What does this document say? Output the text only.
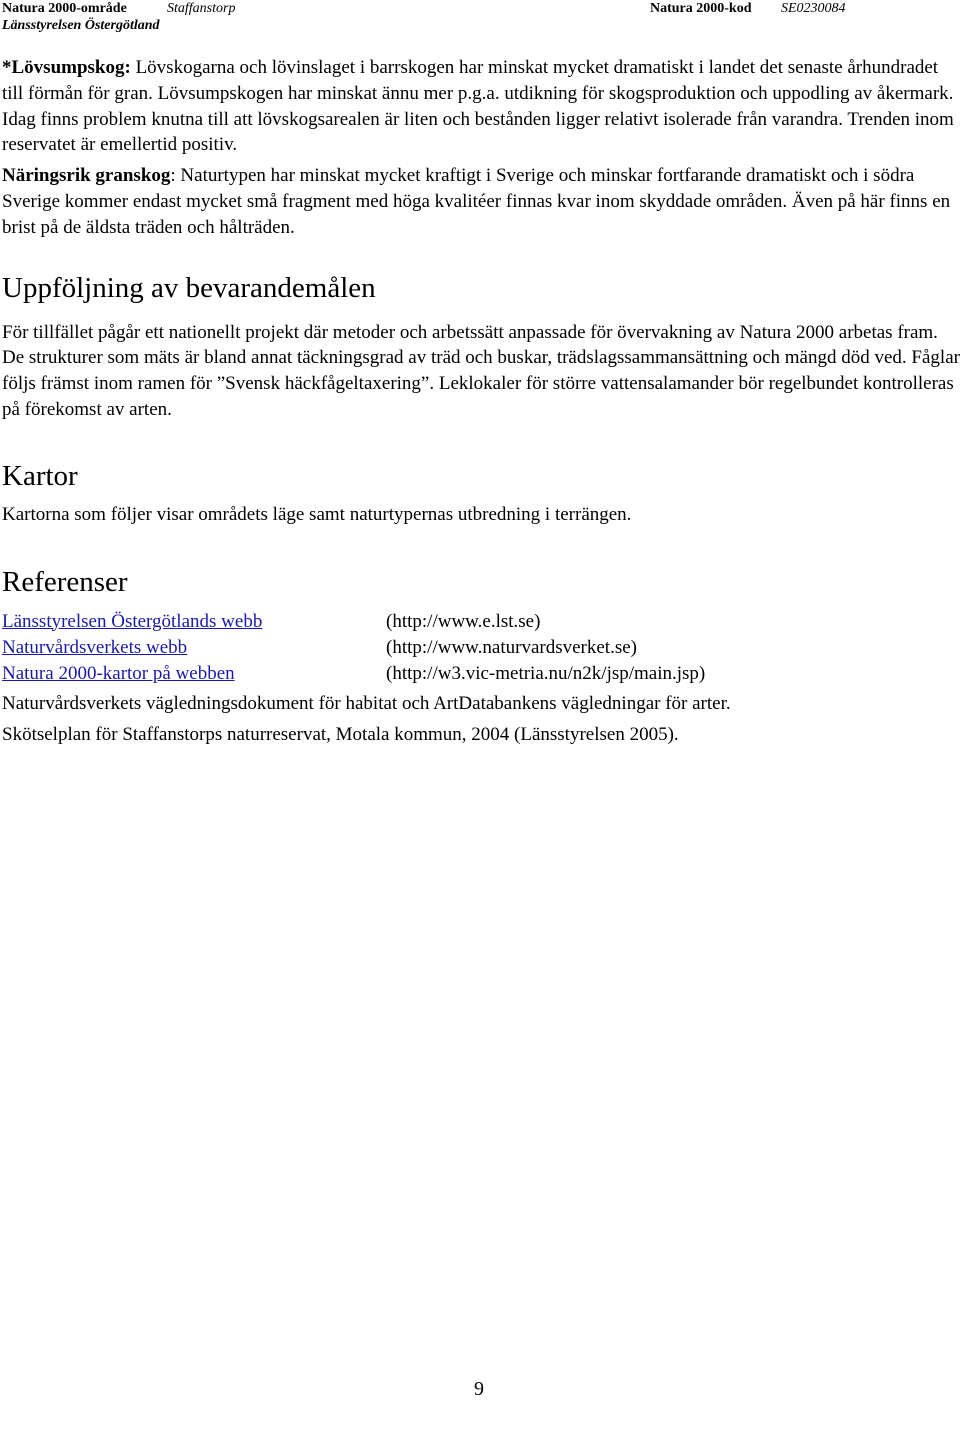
Natura 2000-område	Staffanstorp	Natura 2000-kod SE0230084
Länsstyrelsen Östergötland

*Lövsumpskog: Lövskogarna och lövinslaget i barrskogen har minskat mycket dramatiskt i landet det senaste århundradet till förmån för gran. Lövsumpskogen har minskat ännu mer p.g.a. utdikning för skogsproduktion och uppodling av åkermark. Idag finns problem knutna till att lövskogsarealen är liten och bestånden ligger relativt isolerade från varandra. Trenden inom reservatet är emellertid positiv.

Näringsrik granskog: Naturtypen har minskat mycket kraftigt i Sverige och minskar fortfarande dramatiskt och i södra Sverige kommer endast mycket små fragment med höga kvalitéer finnas kvar inom skyddade områden. Även på här finns en brist på de äldsta träden och hålträden.

Uppföljning av bevarandemålen

För tillfället pågår ett nationellt projekt där metoder och arbetssätt anpassade för övervakning av Natura 2000 arbetas fram. De strukturer som mäts är bland annat täckningsgrad av träd och buskar, trädslagssammansättning och mängd död ved. Fåglar följs främst inom ramen för ”Svensk häckfågeltaxering”. Leklokaler för större vattensalamander bör regelbundet kontrolleras på förekomst av arten.

Kartor

Kartorna som följer visar områdets läge samt naturtypernas utbredning i terrängen.

Referenser
Länsstyrelsen Östergötlands webb	(http://www.e.lst.se)
Naturvårdsverkets webb	(http://www.naturvardsverket.se)
Natura 2000-kartor på webben	(http://w3.vic-metria.nu/n2k/jsp/main.jsp)

Naturvårdsverkets vägledningsdokument för habitat och ArtDatabankens vägledningar för arter.

Skötselplan för Staffanstorps naturreservat, Motala kommun, 2004 (Länsstyrelsen 2005).

9
